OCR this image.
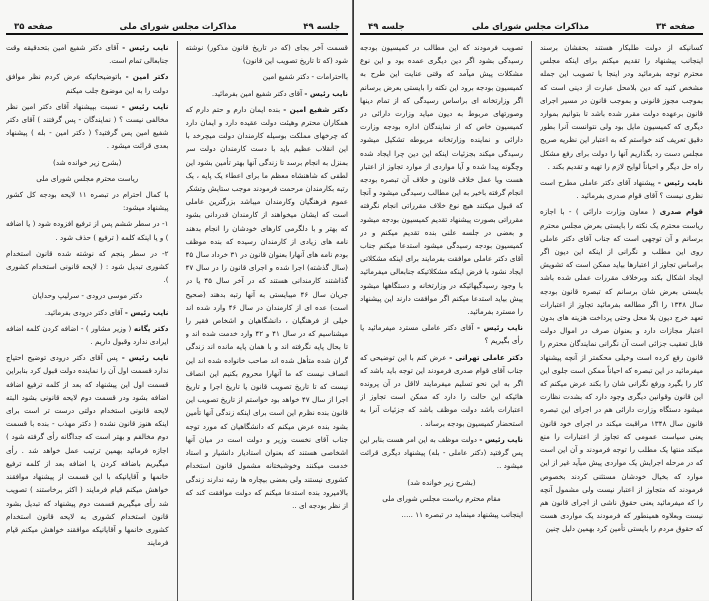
جلسه ۴۹
مذاکرات مجلس شورای ملی
صفحه ۳۵

قسمت آخر بجای (که در تاریخ قانون مذکور) نوشته شود (که تا تاریخ تصویب این قانون)

بااحترامات - دکتر شفیع امین

نایب رئیس - آقای دکتر شفیع امین بفرمائید.

دکتر شفیع امین - بنده ایمان دارم و حتم دارم که همکاران محترم وهیئت دولت عقیده دارد و ایمان دارد که چرخهای مملکت بوسیله کارمندان دولت میچرخد با این انقلاب عظیم باید با دست کارمندان دولت سر بمنزل به انجام برسد تا زندگی آنها بهتر تأمین بشود این لطفی که شاهنشاه معظم ما برای اعطاء یک پایه ، یک رتبه بکارمندان مرحمت فرمودند موجب ستایش وتشکر عموم فرهنگیان وکارمندان میباشد بزرگترین عاملی است که ایشان میخواهند از کارمندان قدردانی بشود که بهتر و با دلگرمی کارهای خودشان را انجام بدهند نامه های زیادی از کارمندان رسیده که بنده موظف بودم نامه های آنهارا بعنوان قانون در ۳۱ خرداد سال ۴۵ (سال گذشته) اجرا شده و اجرای قانون را در سال ۴۷ گذاشتند کارمندانی هستند که در آخر سال ۴۵ یا در جریان سال ۴۶ میبایستی به آنها رتبه بدهند (صحیح است) عده ای از کارمندان در سال ۴۶ وارد شده اند خیلی از فرهنگیان ، دانشگاهیان و اشخاص فقیر را میشناسیم که در سال ۴۱ و ۴۲ وارد خدمت شده اند و تا بحال پایه نگرفته اند و با همان پایه مانده اند زندگی گران شده متأهل شده اند صاحب خانواده شده اند این انصاف نیست که ما آنهارا محروم بکنیم این انصاف نیست که تا تاریخ تصویب قانون یا تاریخ اجرا و تاریخ اجرا از سال ۴۷ خواهد بود خواستم از تاریخ تصویب این قانون بنده نظرم این است برای اینکه زندگی آنها تأمین بشود بنده عرض میکنم که دانشگاهیان که مورد توجه جناب آقای نخست وزیر و دولت است در میان آنها اشخاصی هستند که بعنوان استادیار دانشیار و استاد خدمت میکنند وخوشبختانه مشمول قانون استخدام کشوری نیستند ولی بعضی بیچاره ها رتبه ندارند زندگی بالامیرود بنده استدعا میکنم که دولت موافقت کند که از نظر بودجه ای ..

نایب رئیس - آقای دکتر شفیع امین بتحدقیقه وقت جنابعالی تمام است.

دکتر امین - باتوضیحاتیکه عرض کردم نظر موافق دولت را به این موضوع جلب میکنم

نایب رئیس - نسبت بپیشنهاد آقای دکتر امین نظر مخالفی نیست ؟ ( نمایندگان - پس گرفتند ) آقای دکتر شفیع امین پس گرفتید؟ ( دکتر امین - بله ) پیشنهاد بعدی قرائت میشود .

(بشرح زیر خوانده شد)

ریاست محترم مجلس شورای ملی

با کمال احترام در تبصره ۱۱ لایحه بودجه کل کشور پیشنهاد میشود:

۱- در سطر ششم پس از ترفیع افزوده شود ( یا اضافه ) و یا اینکه کلمه ( ترفیع ) حذف شود .

۲- در سطر پنجم که نوشته شده قانون استخدام کشوری تبدیل شود : ( لایحه قانونی استخدام کشوری ).

دکتر موسی درودی - سرلیپ وحدایان

نایب رئیس - آقای دکتر درودی بفرمائید.

دکتر یگانه ( وزیر مشاور ) - اضافه کردن کلمه اضافه ایرادی ندارد وقبول داریم .

نایب رئیس - پس آقای دکتر درودی توضیح احتیاج ندارد قسمت اول آن را نماینده دولت قبول کرد بنابراین قسمت اول این پیشنهاد که بعد از کلمه ترفیع اضافه اضافه بشود ودر قسمت دوم لایحه قانونی بشود البته لایحه قانونی استخدام دولتی درست تر است برای اینکه هنوز قانون نشده ( دکتر مهذب - بنده با قسمت دوم مخالفم و بهتر است که جداگانه رأی گرفته شود ) اجازه فرمائید بهمین ترتیب عمل خواهد شد . رأی میگیریم باضافه کردن یا اضافه بعد از کلمه ترفیع خانمها و آقایانیکه با این قسمت از پیشنهاد موافقند خواهش میکنم قیام فرمایند ( اکثر برخاستند ) تصویب شد رأی میگیریم قسمت دوم پیشنهاد که تبدیل بشود قانون استخدام کشوری به لایحه قانون استخدام کشوری خانمها و آقایانیکه موافقند خواهش میکنم قیام فرمایند

صفحه ۳۴
مذاکرات مجلس شورای ملی
جلسه ۴۹

کسانیکه از دولت طلبکار هستند بحقشان برسند اینجانب پیشنهاد را تقدیم میکنم برای اینکه مجلس محترم توجه بفرمائید ودر اینجا با تصویب این جمله مشخص کنید که دین بلامحل عبارت از دینی است که بموجب مجوز قانونی و بموجب قانون در مسیر اجرای قانون برعهده دولت مقرر شده باشد تا بتوانیم بموارد دیگری که کمیسیون مایل بود ولی نتوانست آنرا بطور دقیق تعریف کند خواستم که به اعتبار این نظریه صریح مجلس دست رد بگذاریم آنها را دولت برای رفع مشکل راه حل دیگر و احیاناً لوایح لازم را تهیه و تقدیم بکند .

نایب رئیس - پیشنهاد آقای دکتر عاملی مطرح است نظری نیست ؟ آقای قوام صدری بفرمائید .

قوام صدری ( معاون وزارت دارائی ) - با اجازه ریاست محترم یک نکته را بایستی بعرض مجلس محترم برسانم و آن توجهی است که جناب آقای دکتر عاملی روی این مطلب و نگرانی از اینکه این دیون اگر براساس تجاوز از اعتبارها بیاید ممکن است که تشویش ایجاد اشکال بکند وبرخلاف مقررات عملی شده باشد بایستی بعرض شان برسانم که تبصره قانون بودجه سال ۱۳۴۸ را اگر مطالعه بفرمائید تجاوز از اعتبارات تعهد خرج دیون بلا محل وحتی پرداخت هزینه های بدون اعتبار مجازات دارد و بعنوان صرف در اموال دولت قابل تعقیب جزائی است آن نگرانی نمایندگان محترم را قانون رفع کرده است وخیلی محکمتر از آنچه پیشنهاد میفرمائید در این تبصره که احیاناً ممکن است جلوی این کار را بگیرد ورفع نگرانی شان را بکند عرض میکنم که این قانون وقوانین دیگری وجود دارد که بشدت نظارت میشود دستگاه وزارت دارائی هم در اجرای این تبصره قانون سال ۱۳۴۸ مراقبت میکند در اجرای خود قانون یعنی سیاست عمومی که تجاوز از اعتبارات را منع میکند منتها یک مطلب را توجه فرمودند و آن این است که در مرحله اجرایش یک مواردی پیش میآید غیر از این موارد که بخیال خودشان مستثنی کردند بخصوص فرمودند که متجاوز از اعتبار نیست ولی مشمول آنچه را که میفرمائید یعنی حقوق ناشی از اجرای قانون هم نیست وبعلاوه همینطور که فرمودند یک مواردی هست که حقوق مردم را بایستی تأمین کرد بهمین دلیل چنین

تصویب فرمودند که این مطالب در کمیسیون بودجه رسیدگی بشود اگر دین دیگری عمده بود و این نوع مشکلات پیش میآمد که وقتی عنایت این طرح به کمیسیون بودجه برود این نکته را بایستی بعرض برسانم اگر وزارتخانه ای براساس رسیدگی که از تمام دینها وصورتهای مربوط به دیون میاید وزارت دارائی در کمیسیون خاص که از نمایندگان اداره بودجه وزارت دارائی و نماینده وزارتخانه مربوطه تشکیل میشود رسیدگی میکند بجزئیات اینکه این دین چرا ایجاد شده وچگونه پیدا شده و آیا مواردی از موارد تجاوز از اعتبار هست ویا عمل خلاف قانون و خلاف آن تبصره بودجه انجام گرفته باخیر به این مطالب رسیدگی میشود و آنجا که قبول میکنند هیچ نوع خلاف مقرراتی انجام نگرفته مقرراتی بصورت پیشنهاد تقدیم کمیسیون بودجه میشود و بعضی در جلسه علنی بنده تقدیم میکنم و در کمیسیون بودجه رسیدگی میشود استدعا میکنم جناب آقای دکتر عاملی موافقت بفرمایند برای اینکه مشکلاتی ایجاد نشود با فرض اینکه مشکلاتیکه جنابعالی میفرمائید با وجود رسیدگیهائیکه در وزارتخانه و دستگاهها میشود پیش بیاید استدعا میکنم اگر موافقت دارند این پیشنهاد را مسترد بفرمائید.

نایب رئیس - آقای دکتر عاملی مسترد میفرمائید یا رأی بگیریم ؟

دکتر عاملی تهرانی - عرض کنم با این توضیحی که جناب آقای قوام صدری فرمودند این توجه باید باشد که اگر به این نحو تسلیم میفرمایند لااقل در آن پرونده هائیکه این حالت را دارد که ممکن است تجاوز از اعتبارات باشد دولت موظف باشد که جزئیات آنرا به استحضار کمیسیون بودجه برساند .

نایب رئیس - دولت موظف به این امر هست بنابر این پس گرفتید (دکتر عاملی - بله) پیشنهاد دیگری قرائت میشود ..

(بشرح زیر خوانده شد)

مقام محترم ریاست مجلس شورای ملی

اینجانب پیشنهاد مینماید در تبصره ۱۱ .....
